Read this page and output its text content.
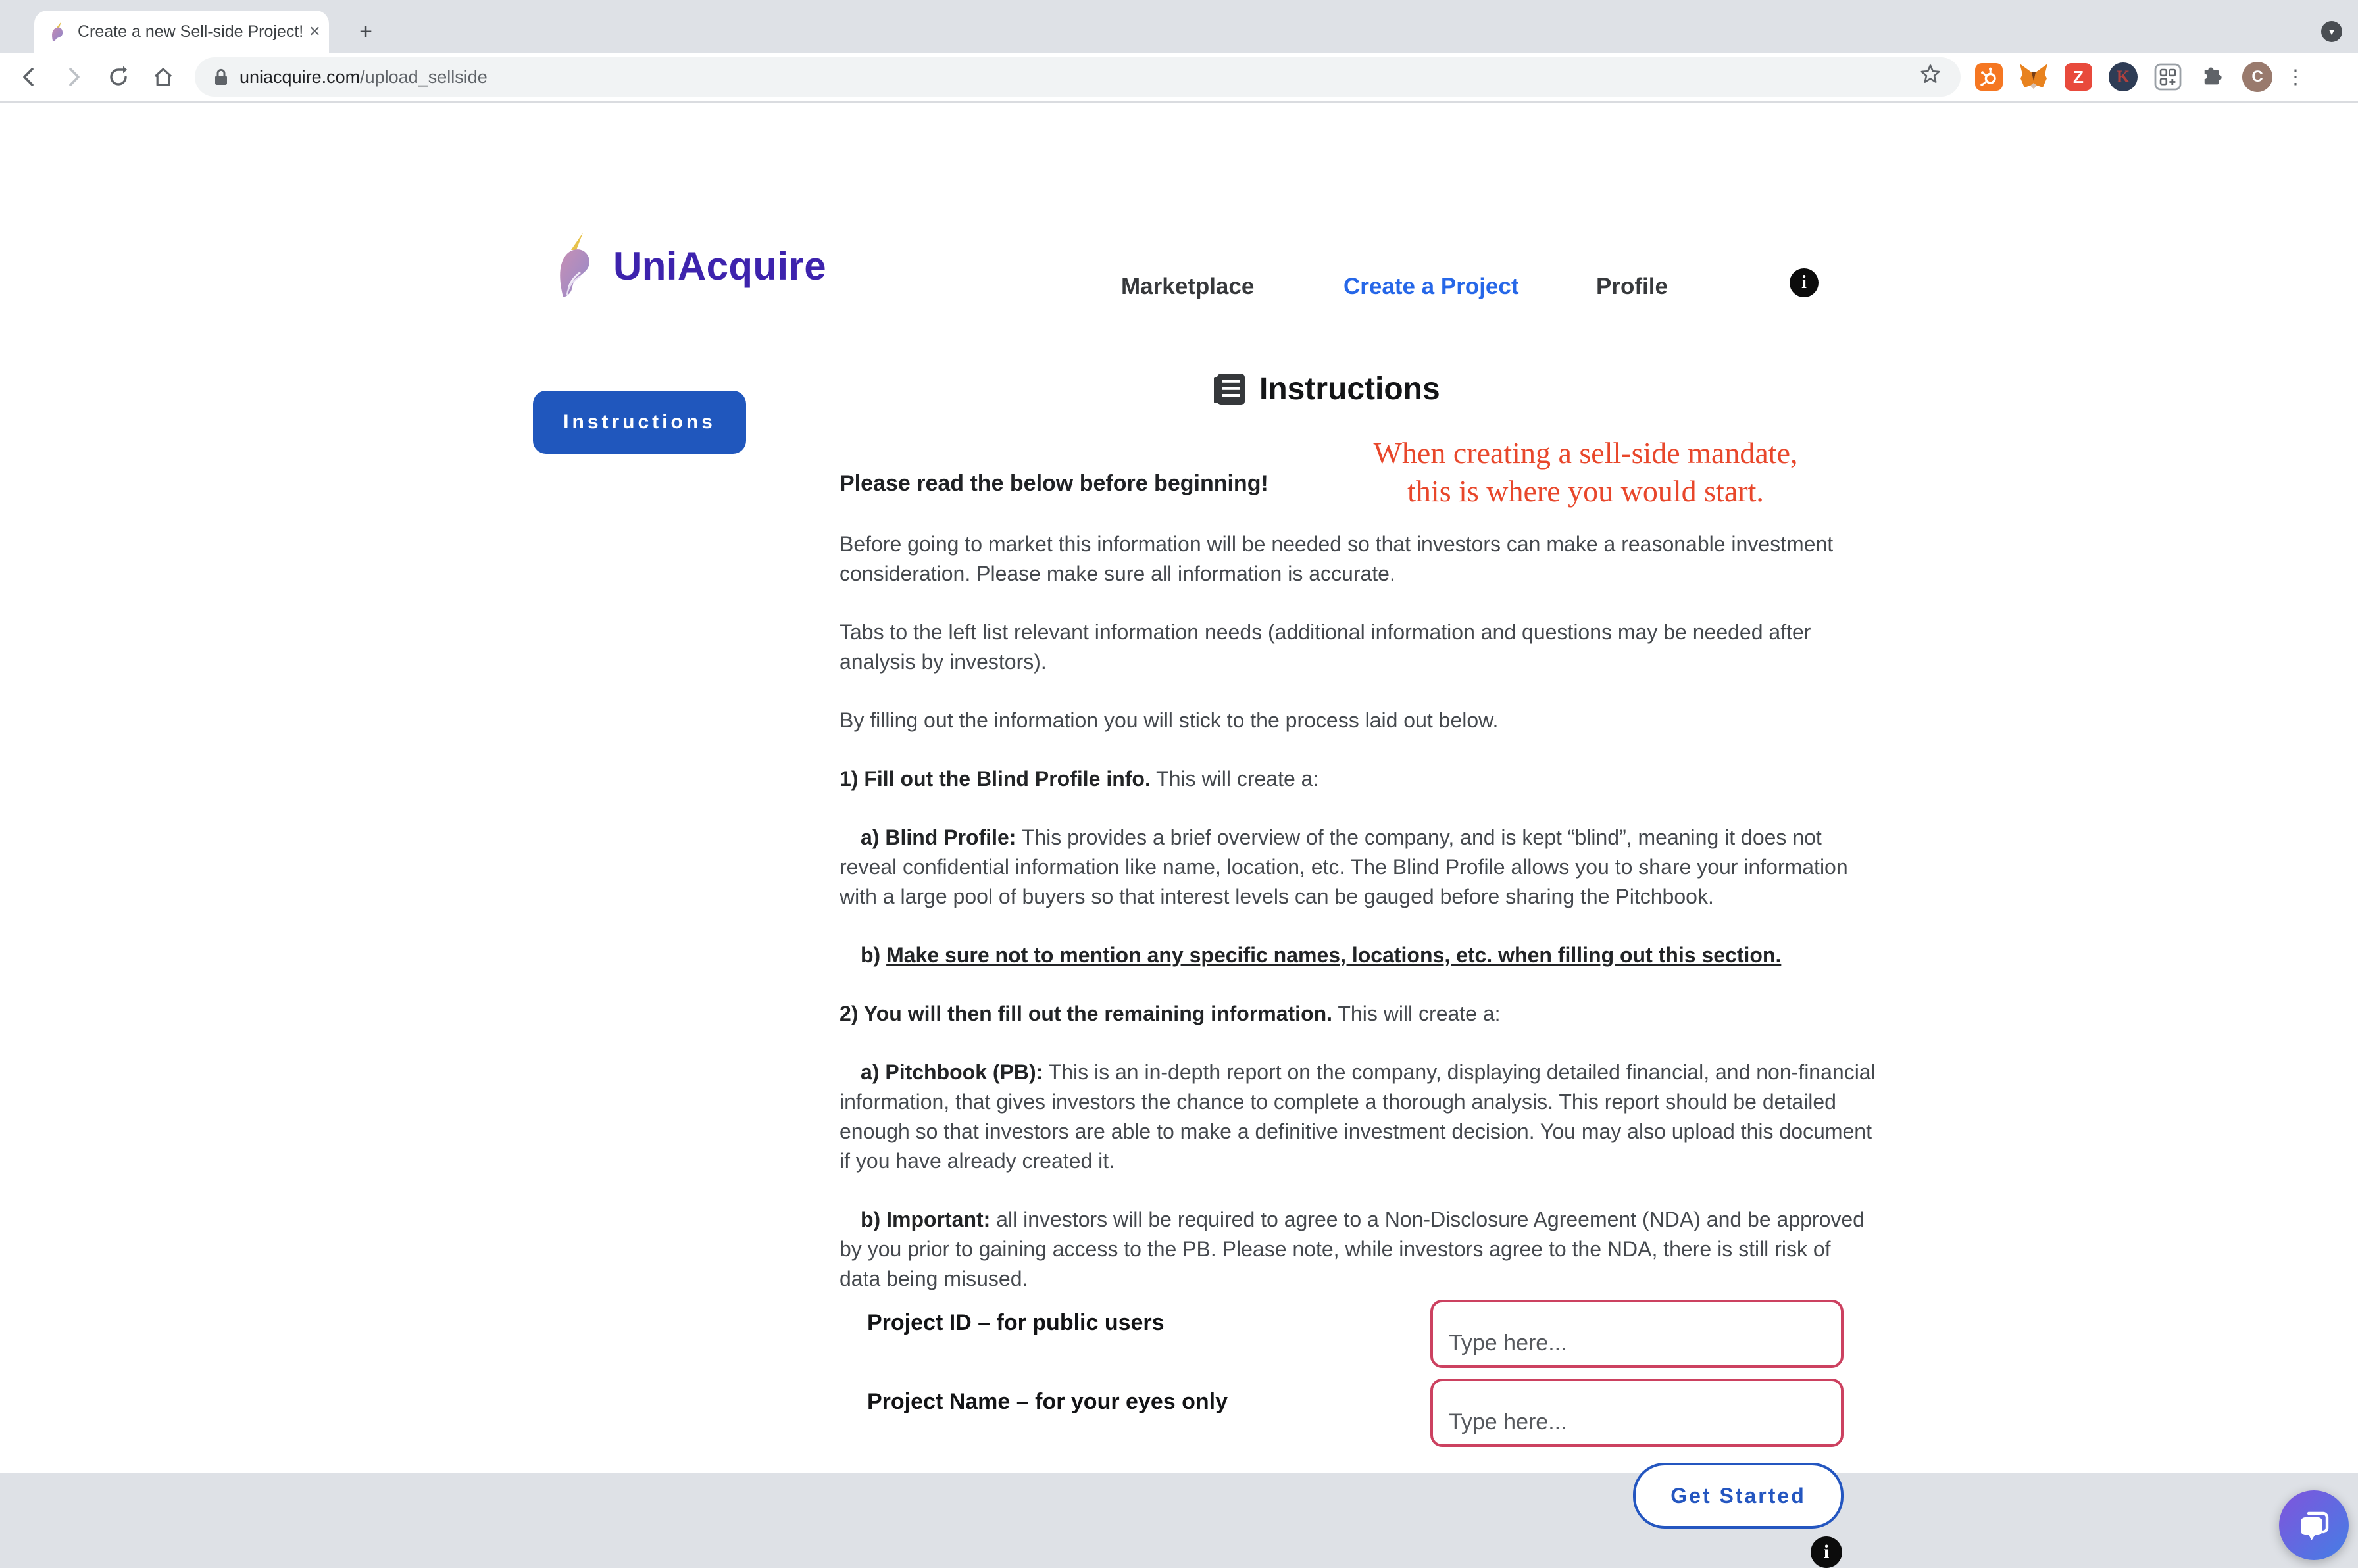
Create a new Sell-side Project! ✕	+	▼
uniacquire.com/upload_sellside	Z	K	C ⋮
UniAcquire	Marketplace	Create a Project	Profile	i
Instructions
Instructions
When creating a sell-side mandate,
this is where you would start.
Please read the below before beginning!

Before going to market this information will be needed so that investors can make a reasonable investment consideration. Please make sure all information is accurate.

Tabs to the left list relevant information needs (additional information and questions may be needed after analysis by investors).

By filling out the information you will stick to the process laid out below.

1) Fill out the Blind Profile info. This will create a:

a) Blind Profile: This provides a brief overview of the company, and is kept “blind”, meaning it does not reveal confidential information like name, location, etc. The Blind Profile allows you to share your information with a large pool of buyers so that interest levels can be gauged before sharing the Pitchbook.

b) Make sure not to mention any specific names, locations, etc. when filling out this section.

2) You will then fill out the remaining information. This will create a:

a) Pitchbook (PB): This is an in-depth report on the company, displaying detailed financial, and non-financial information, that gives investors the chance to complete a thorough analysis. This report should be detailed enough so that investors are able to make a definitive investment decision. You may also upload this document if you have already created it.

b) Important: all investors will be required to agree to a Non-Disclosure Agreement (NDA) and be approved by you prior to gaining access to the PB. Please note, while investors agree to the NDA, there is still risk of data being misused.

Project ID – for public users
Type here...
Project Name – for your eyes only
Type here...
Get Started
i
